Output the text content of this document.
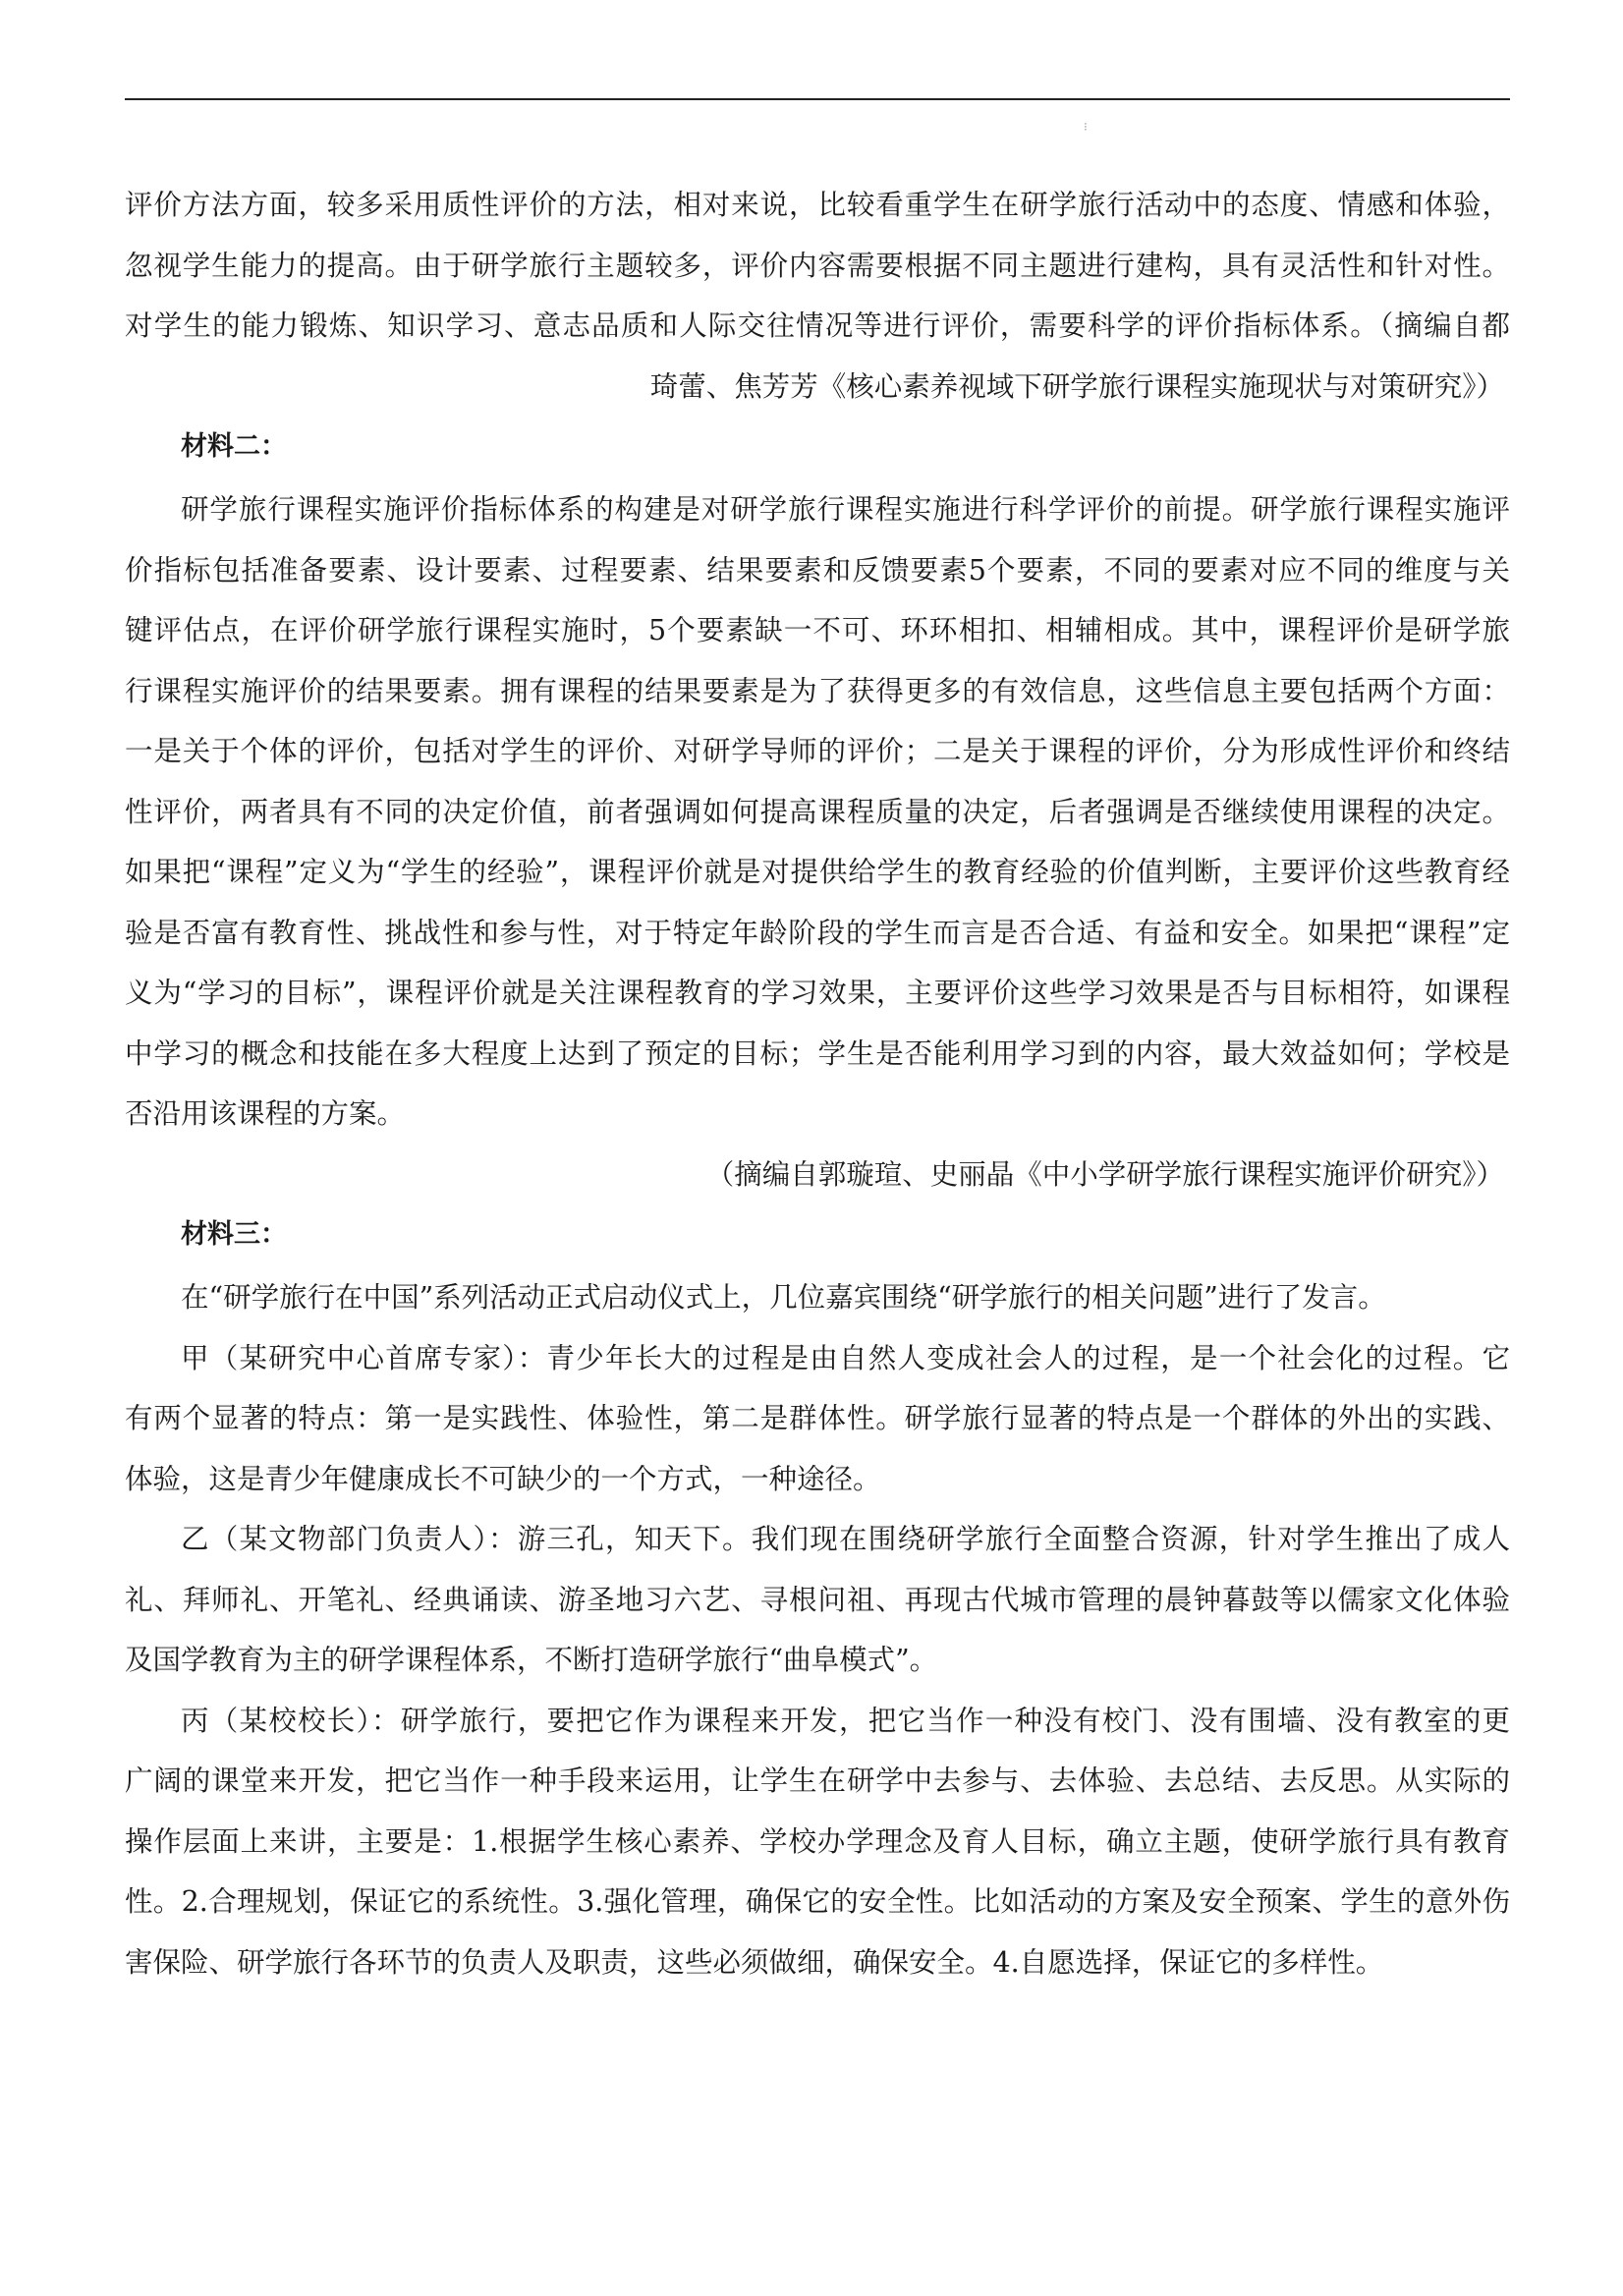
⁝
评价方法方面，较多采用质性评价的方法，相对来说，比较看重学生在研学旅行活动中的态度、情感和体验，
忽视学生能力的提高。由于研学旅行主题较多，评价内容需要根据不同主题进行建构，具有灵活性和针对性。
对学生的能力锻炼、知识学习、意志品质和人际交往情况等进行评价，需要科学的评价指标体系。（摘编自都
琦蕾、焦芳芳《核心素养视域下研学旅行课程实施现状与对策研究》）
材料二：
研学旅行课程实施评价指标体系的构建是对研学旅行课程实施进行科学评价的前提。研学旅行课程实施评
价指标包括准备要素、设计要素、过程要素、结果要素和反馈要素5个要素，不同的要素对应不同的维度与关
键评估点，在评价研学旅行课程实施时，5个要素缺一不可、环环相扣、相辅相成。其中，课程评价是研学旅
行课程实施评价的结果要素。拥有课程的结果要素是为了获得更多的有效信息，这些信息主要包括两个方面：
一是关于个体的评价，包括对学生的评价、对研学导师的评价；二是关于课程的评价，分为形成性评价和终结
性评价，两者具有不同的决定价值，前者强调如何提高课程质量的决定，后者强调是否继续使用课程的决定。
如果把“课程”定义为“学生的经验”，课程评价就是对提供给学生的教育经验的价值判断，主要评价这些教育经
验是否富有教育性、挑战性和参与性，对于特定年龄阶段的学生而言是否合适、有益和安全。如果把“课程”定
义为“学习的目标”，课程评价就是关注课程教育的学习效果，主要评价这些学习效果是否与目标相符，如课程
中学习的概念和技能在多大程度上达到了预定的目标；学生是否能利用学习到的内容，最大效益如何；学校是
否沿用该课程的方案。
（摘编自郭璇瑄、史丽晶《中小学研学旅行课程实施评价研究》）
材料三：
在“研学旅行在中国”系列活动正式启动仪式上，几位嘉宾围绕“研学旅行的相关问题”进行了发言。
甲（某研究中心首席专家）：青少年长大的过程是由自然人变成社会人的过程，是一个社会化的过程。它
有两个显著的特点：第一是实践性、体验性，第二是群体性。研学旅行显著的特点是一个群体的外出的实践、
体验，这是青少年健康成长不可缺少的一个方式，一种途径。
乙（某文物部门负责人）：游三孔，知天下。我们现在围绕研学旅行全面整合资源，针对学生推出了成人
礼、拜师礼、开笔礼、经典诵读、游圣地习六艺、寻根问祖、再现古代城市管理的晨钟暮鼓等以儒家文化体验
及国学教育为主的研学课程体系，不断打造研学旅行“曲阜模式”。
丙（某校校长）：研学旅行，要把它作为课程来开发，把它当作一种没有校门、没有围墙、没有教室的更
广阔的课堂来开发，把它当作一种手段来运用，让学生在研学中去参与、去体验、去总结、去反思。从实际的
操作层面上来讲，主要是：1.根据学生核心素养、学校办学理念及育人目标，确立主题，使研学旅行具有教育
性。2.合理规划，保证它的系统性。3.强化管理，确保它的安全性。比如活动的方案及安全预案、学生的意外伤
害保险、研学旅行各环节的负责人及职责，这些必须做细，确保安全。4.自愿选择，保证它的多样性。
